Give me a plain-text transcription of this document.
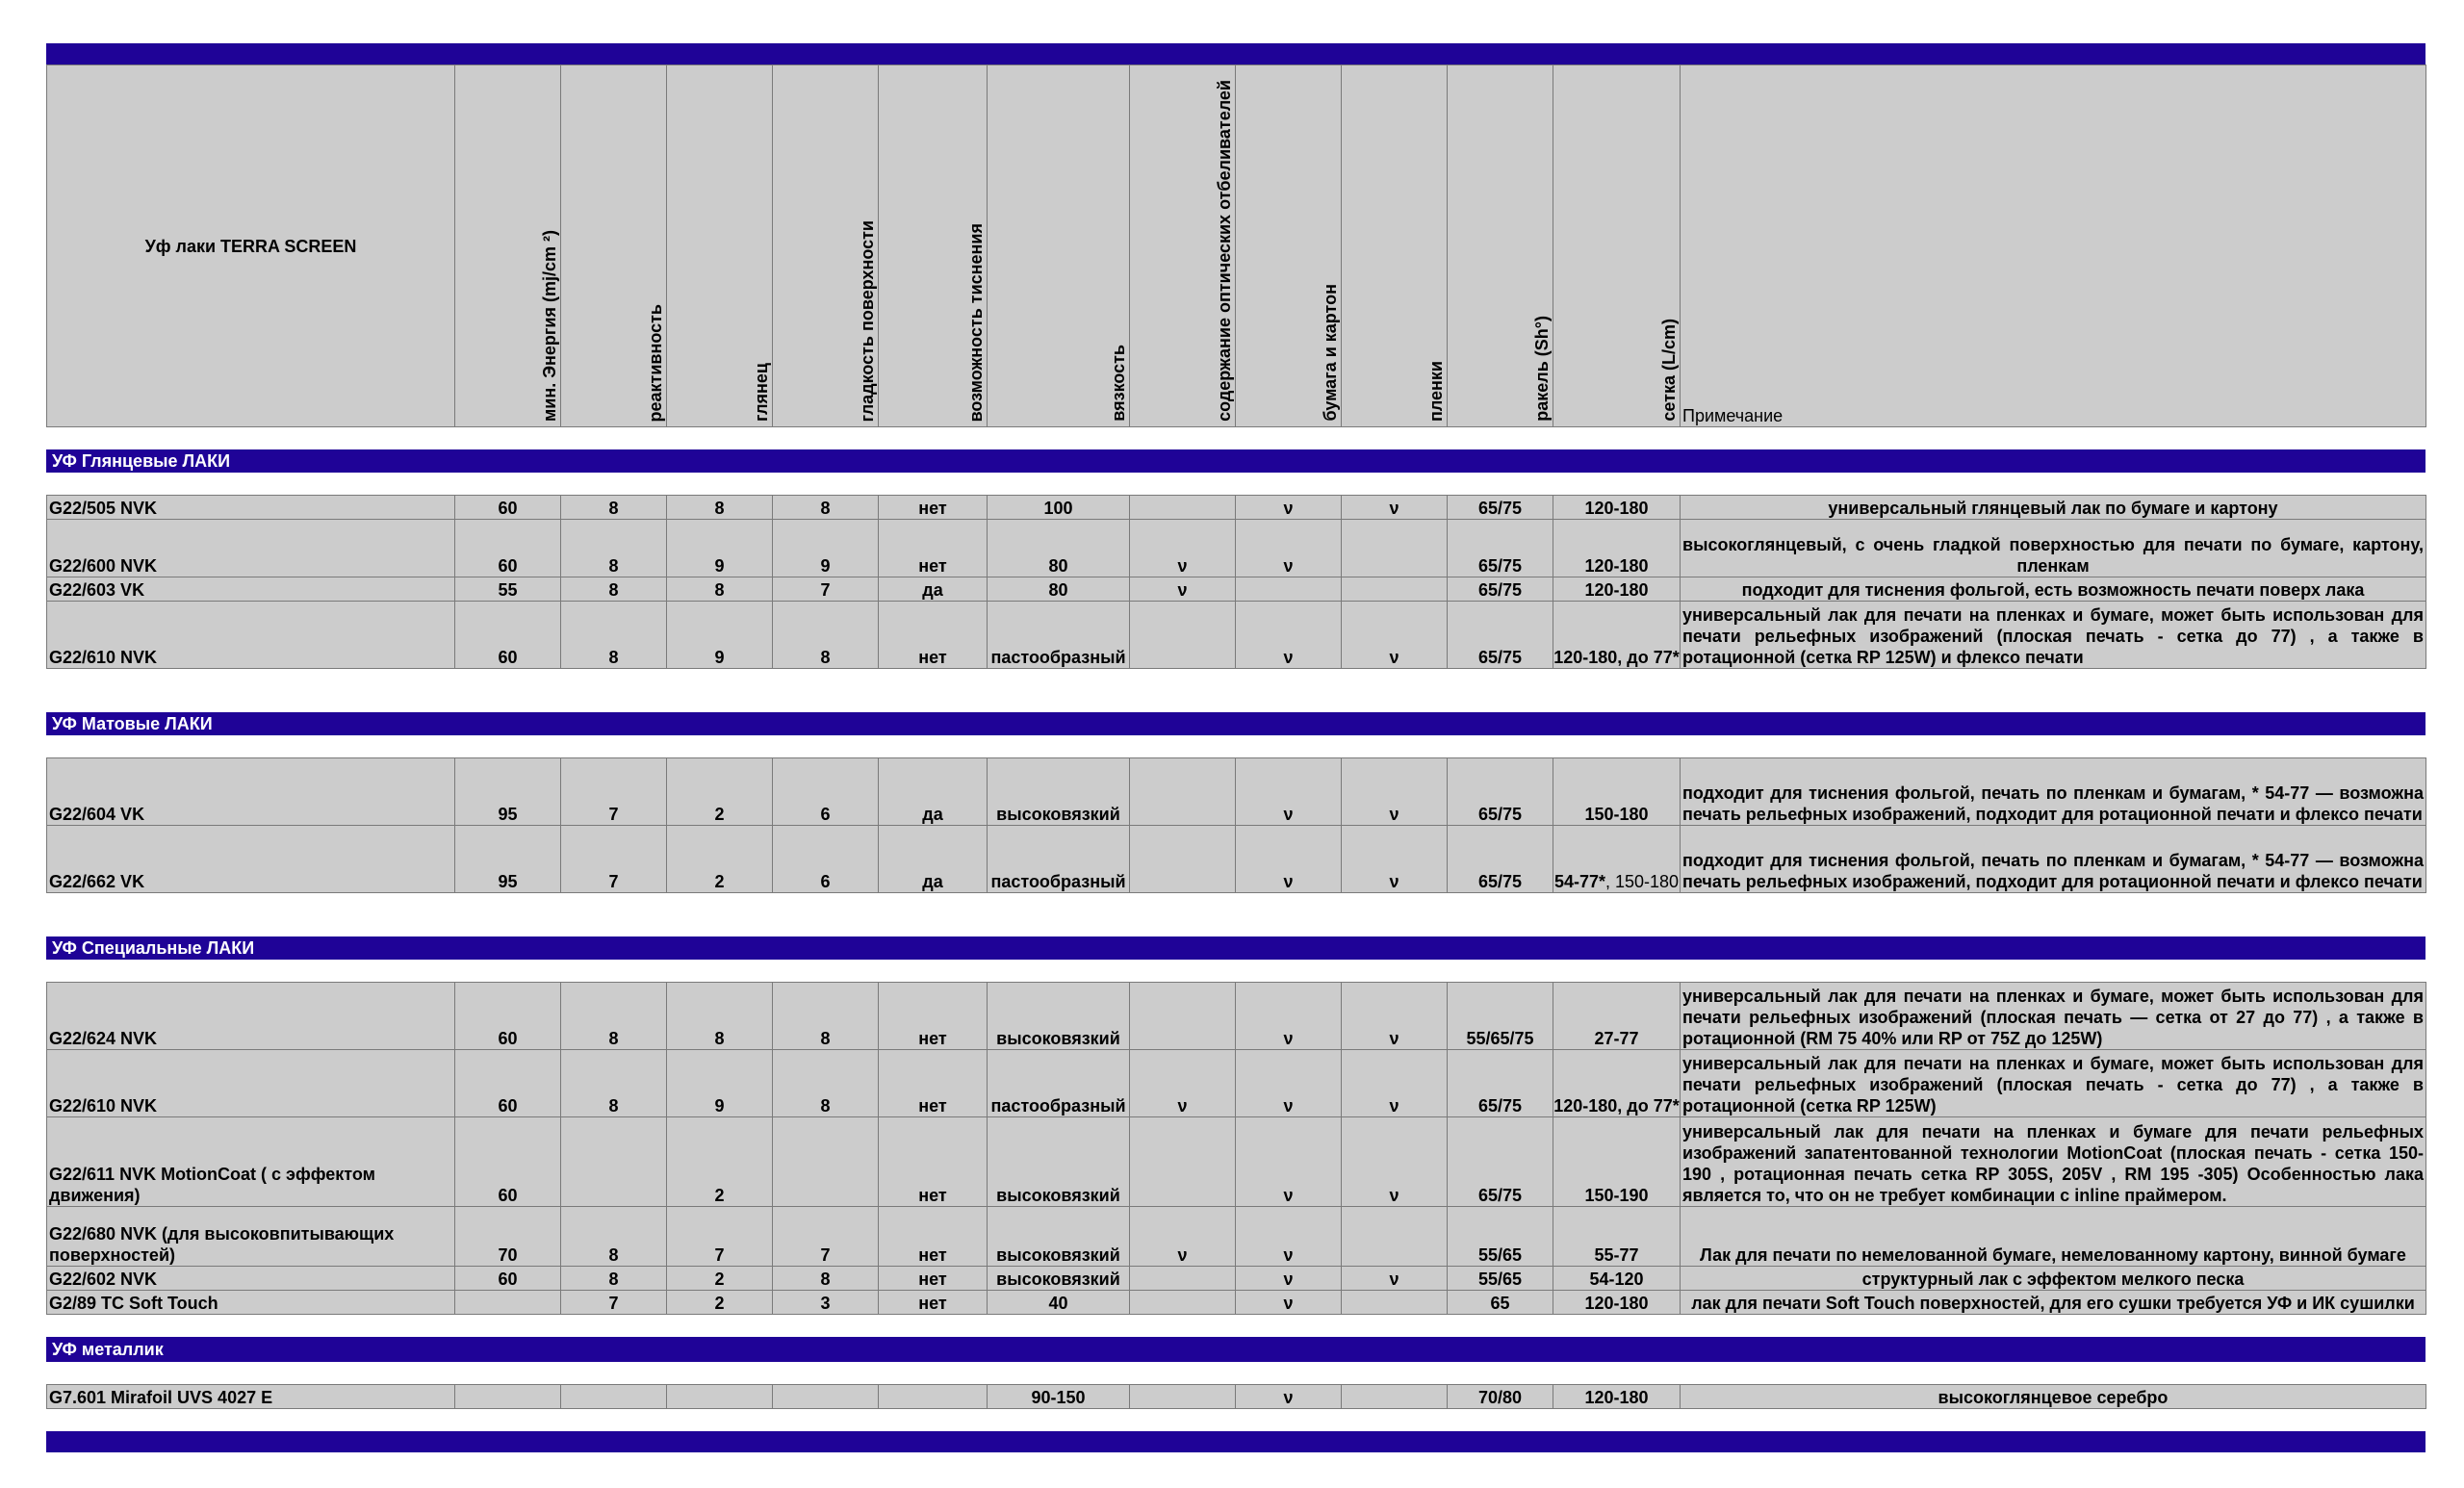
Уф лаки TERRA SCREEN	мин. Энергия (mj/cm ²)	реактивность	глянец	гладкость поверхности	возможность тиснения	вязкость	содержание оптических отбеливателей	бумага и картон	пленки	ракель (Sh°)	сетка (L/cm)	Примечание
УФ Глянцевые ЛАКИ
G22/505 NVK	60	8	8	8	нет	100		ν	ν	65/75	120-180	универсальный глянцевый лак по бумаге и картону
G22/600 NVK	60	8	9	9	нет	80	ν	ν		65/75	120-180	высокоглянцевый, с очень гладкой поверхностью для печати по бумаге, картону, пленкам
G22/603 VK	55	8	8	7	да	80	ν			65/75	120-180	подходит для тиснения фольгой, есть возможность печати поверх лака
G22/610 NVK	60	8	9	8	нет	пастообразный		ν	ν	65/75	120-180, до 77*	универсальный лак для печати на пленках и бумаге, может быть использован для печати рельефных изображений (плоская печать - сетка до 77) , а также в ротационной (сетка RP 125W) и флексо печати
УФ Матовые ЛАКИ
G22/604 VK	95	7	2	6	да	высоковязкий		ν	ν	65/75	150-180	подходит для тиснения фольгой, печать по пленкам и бумагам, * 54-77 — возможна печать рельефных изображений, подходит для ротационной печати и флексо печати
G22/662 VK	95	7	2	6	да	пастообразный		ν	ν	65/75	54-77*, 150-180	подходит для тиснения фольгой, печать по пленкам и бумагам, * 54-77 — возможна печать рельефных изображений, подходит для ротационной печати и флексо печати
УФ Специальные ЛАКИ
G22/624 NVK	60	8	8	8	нет	высоковязкий		ν	ν	55/65/75	27-77	универсальный лак для печати на пленках и бумаге, может быть использован для печати рельефных изображений (плоская печать — сетка от 27 до 77) , а также в ротационной (RM 75 40% или RP от 75Z до 125W)
G22/610 NVK	60	8	9	8	нет	пастообразный	ν	ν	ν	65/75	120-180, до 77*	универсальный лак для печати на пленках и бумаге, может быть использован для печати рельефных изображений (плоская печать - сетка до 77) , а также в ротационной (сетка RP 125W)
G22/611 NVK MotionCoat ( с эффектом движения)	60		2		нет	высоковязкий		ν	ν	65/75	150-190	универсальный лак для печати на пленках и бумаге для печати рельефных изображений запатентованной технологии MotionCoat (плоская печать - сетка 150-190 , ротационная печать сетка RP 305S, 205V , RM 195 -305) Особенностью лака является то, что он не требует комбинации с inline праймером.
G22/680 NVK (для высоковпитывающих поверхностей)	70	8	7	7	нет	высоковязкий	ν	ν		55/65	55-77	Лак для печати по немелованной бумаге, немелованному картону, винной бумаге
G22/602 NVK	60	8	2	8	нет	высоковязкий		ν	ν	55/65	54-120	структурный лак с эффектом мелкого песка
G2/89 TC Soft Touch		7	2	3	нет	40		ν		65	120-180	лак для печати Soft Touch поверхностей, для его сушки требуется УФ и ИК сушилки
УФ металлик
G7.601 Mirafoil UVS 4027 E						90-150		ν		70/80	120-180	высокоглянцевое серебро
